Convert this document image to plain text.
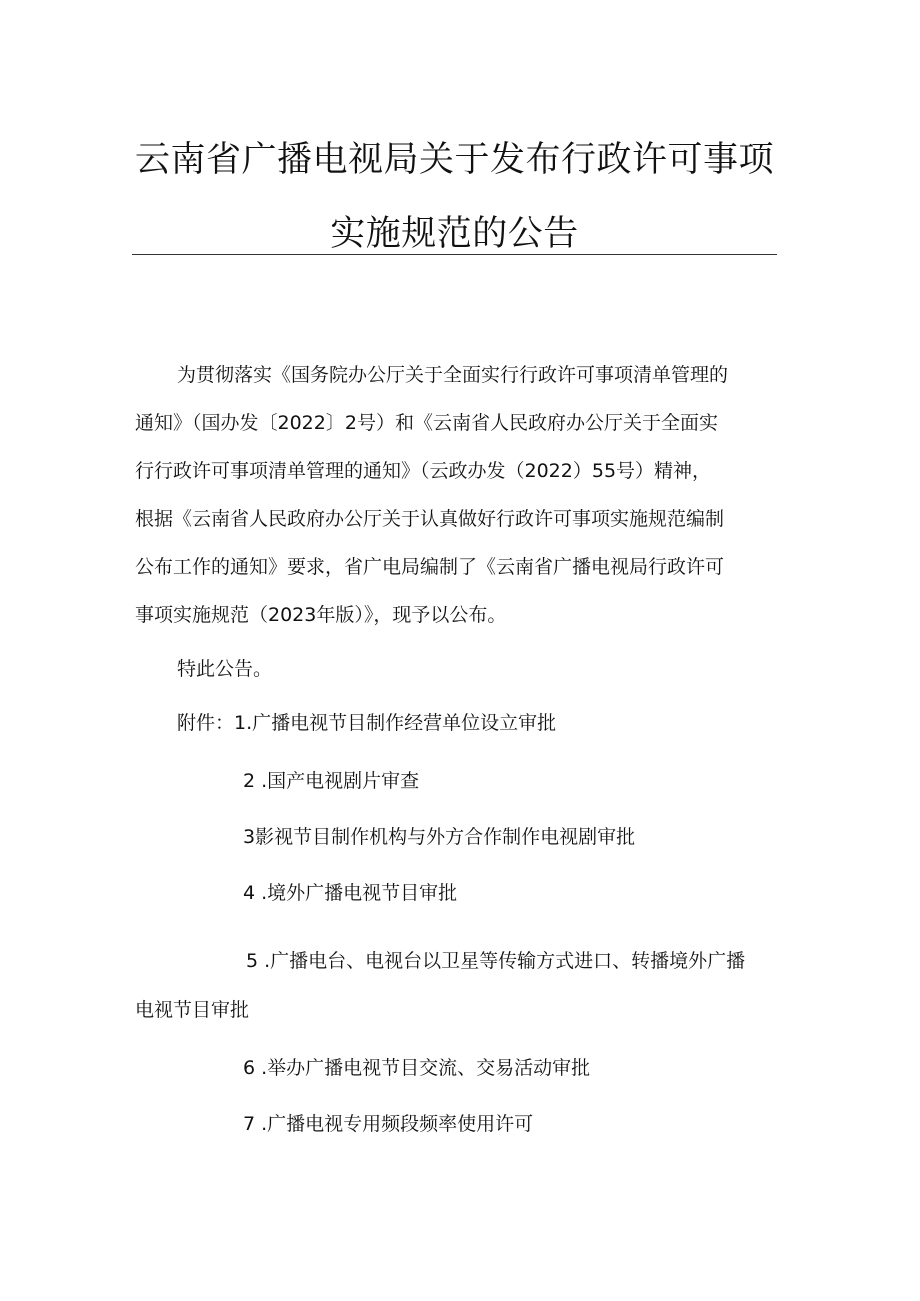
云南省广播电视局关于发布行政许可事项
实施规范的公告
为贯彻落实《国务院办公厅关于全面实行行政许可事项清单管理的
通知》（国办发〔2022〕2号）和《云南省人民政府办公厅关于全面实
行行政许可事项清单管理的通知》（云政办发（2022）55号）精神，
根据《云南省人民政府办公厅关于认真做好行政许可事项实施规范编制
公布工作的通知》要求，省广电局编制了《云南省广播电视局行政许可
事项实施规范（2023年版）》，现予以公布。
特此公告。
附件：1.广播电视节目制作经营单位设立审批
2 .国产电视剧片审查
3影视节目制作机构与外方合作制作电视剧审批
4 .境外广播电视节目审批
5 .广播电台、电视台以卫星等传输方式进口、转播境外广播
电视节目审批
6 .举办广播电视节目交流、交易活动审批
7 .广播电视专用频段频率使用许可
